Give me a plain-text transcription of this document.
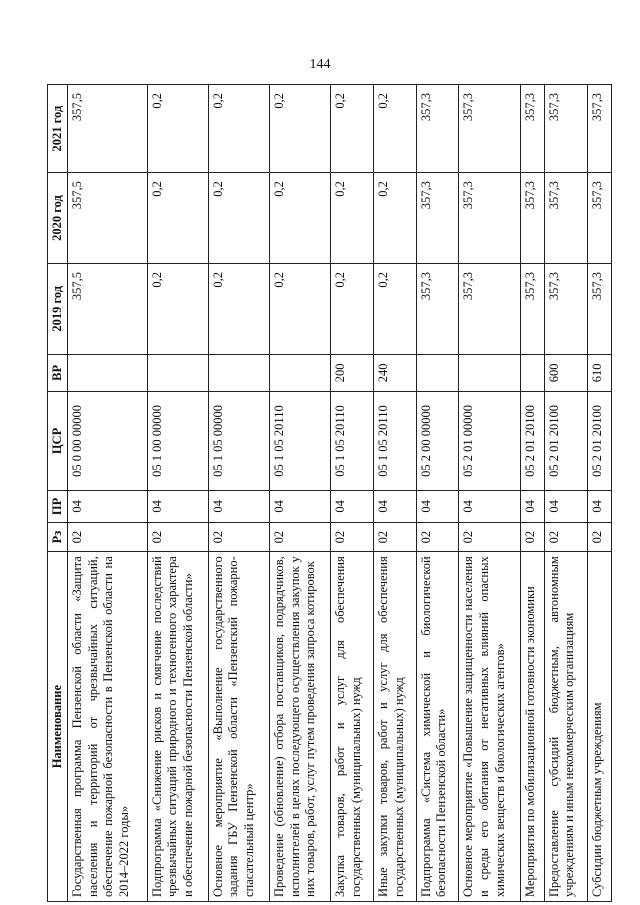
144
Наименование	Рз	ПР	ЦСР	ВР	2019 год	2020 год	2021 год
Государственная программа Пензенской области «Защита населения и территорий от чрезвычайных ситуаций, обеспечение пожарной безопасности в Пензенской области на 2014–2022 годы»	02	04	05 0 00 00000		357,5	357,5	357,5
Подпрограмма «Снижение рисков и смягчение последствий чрезвычайных ситуаций природного и техногенного характера и обеспечение пожарной безопасности Пензенской области»	02	04	05 1 00 00000		0,2	0,2	0,2
Основное мероприятие «Выполнение государственного задания ГБУ Пензенской области «Пензенский пожарно-спасательный центр»	02	04	05 1 05 00000		0,2	0,2	0,2
Проведение (обновление) отбора поставщиков, подрядчиков, исполнителей в целях последующего осуществления закупок у них товаров, работ, услуг путем проведения запроса котировок	02	04	05 1 05 20110		0,2	0,2	0,2
Закупка товаров, работ и услуг для обеспечения государственных (муниципальных) нужд	02	04	05 1 05 20110	200	0,2	0,2	0,2
Иные закупки товаров, работ и услуг для обеспечения государственных (муниципальных) нужд	02	04	05 1 05 20110	240	0,2	0,2	0,2
Подпрограмма «Система химической и биологической безопасности Пензенской области»	02	04	05 2 00 00000		357,3	357,3	357,3
Основное мероприятие «Повышение защищенности населения и среды его обитания от негативных влияний опасных химических веществ и биологических агентов»	02	04	05 2 01 00000		357,3	357,3	357,3
Мероприятия по мобилизационной готовности экономики	02	04	05 2 01 20100		357,3	357,3	357,3
Предоставление субсидий бюджетным, автономным учреждениям и иным некоммерческим организациям	02	04	05 2 01 20100	600	357,3	357,3	357,3
Субсидии бюджетным учреждениям	02	04	05 2 01 20100	610	357,3	357,3	357,3
